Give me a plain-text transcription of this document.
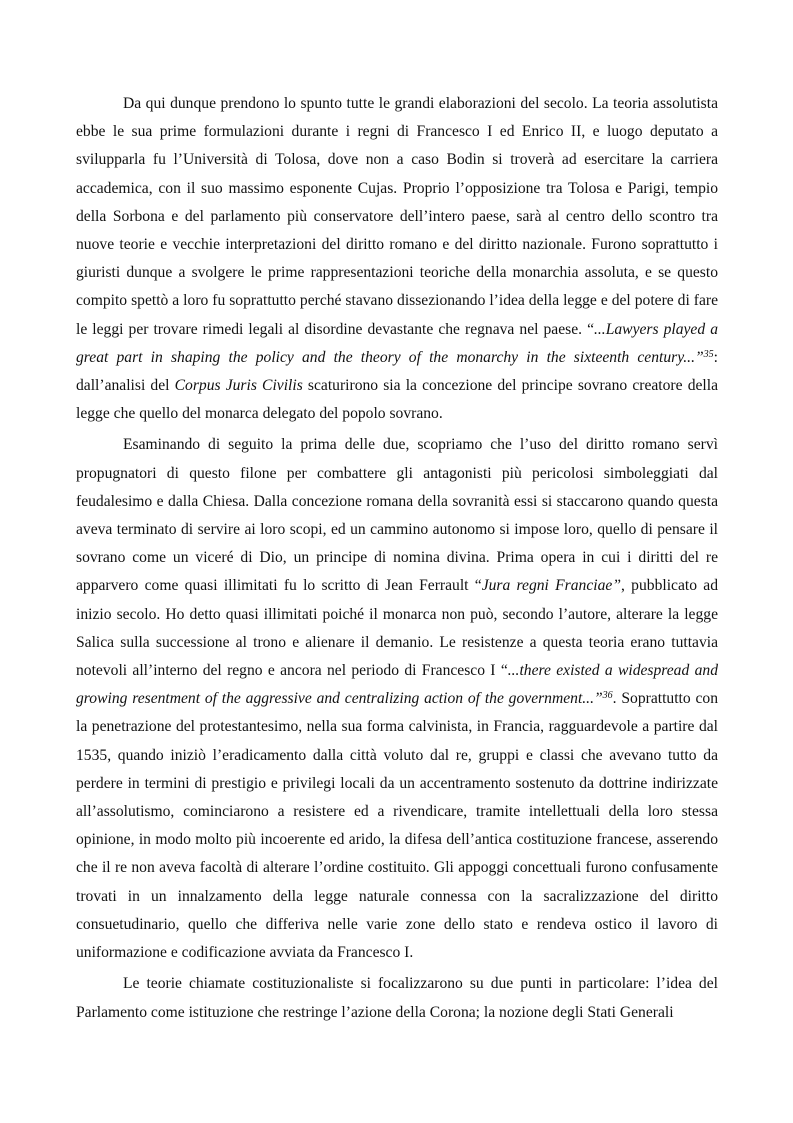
Da qui dunque prendono lo spunto tutte le grandi elaborazioni del secolo. La teoria assolutista ebbe le sua prime formulazioni durante i regni di Francesco I ed Enrico II, e luogo deputato a svilupparla fu l’Università di Tolosa, dove non a caso Bodin si troverà ad esercitare la carriera accademica, con il suo massimo esponente Cujas. Proprio l’opposizione tra Tolosa e Parigi, tempio della Sorbona e del parlamento più conservatore dell’intero paese, sarà al centro dello scontro tra nuove teorie e vecchie interpretazioni del diritto romano e del diritto nazionale. Furono soprattutto i giuristi dunque a svolgere le prime rappresentazioni teoriche della monarchia assoluta, e se questo compito spettò a loro fu soprattutto perché stavano dissezionando l’idea della legge e del potere di fare le leggi per trovare rimedi legali al disordine devastante che regnava nel paese. “...Lawyers played a great part in shaping the policy and the theory of the monarchy in the sixteenth century...”$^{35}$: dall’analisi del Corpus Juris Civilis scaturirono sia la concezione del principe sovrano creatore della legge che quello del monarca delegato del popolo sovrano.

Esaminando di seguito la prima delle due, scopriamo che l’uso del diritto romano servì propugnatori di questo filone per combattere gli antagonisti più pericolosi simboleggiati dal feudalesimo e dalla Chiesa. Dalla concezione romana della sovranità essi si staccarono quando questa aveva terminato di servire ai loro scopi, ed un cammino autonomo si impose loro, quello di pensare il sovrano come un viceré di Dio, un principe di nomina divina. Prima opera in cui i diritti del re apparvero come quasi illimitati fu lo scritto di Jean Ferrault “Jura regni Franciae”, pubblicato ad inizio secolo. Ho detto quasi illimitati poiché il monarca non può, secondo l’autore, alterare la legge Salica sulla successione al trono e alienare il demanio. Le resistenze a questa teoria erano tuttavia notevoli all’interno del regno e ancora nel periodo di Francesco I “...there existed a widespread and growing resentment of the aggressive and centralizing action of the government...”$^{36}$. Soprattutto con la penetrazione del protestantesimo, nella sua forma calvinista, in Francia, ragguardevole a partire dal 1535, quando iniziò l’eradicamento dalla città voluto dal re, gruppi e classi che avevano tutto da perdere in termini di prestigio e privilegi locali da un accentramento sostenuto da dottrine indirizzate all’assolutismo, cominciarono a resistere ed a rivendicare, tramite intellettuali della loro stessa opinione, in modo molto più incoerente ed arido, la difesa dell’antica costituzione francese, asserendo che il re non aveva facoltà di alterare l’ordine costituito. Gli appoggi concettuali furono confusamente trovati in un innalzamento della legge naturale connessa con la sacralizzazione del diritto consuetudinario, quello che differiva nelle varie zone dello stato e rendeva ostico il lavoro di uniformazione e codificazione avviata da Francesco I.

Le teorie chiamate costituzionaliste si focalizzarono su due punti in particolare: l’idea del Parlamento come istituzione che restringe l’azione della Corona; la nozione degli Stati Generali
